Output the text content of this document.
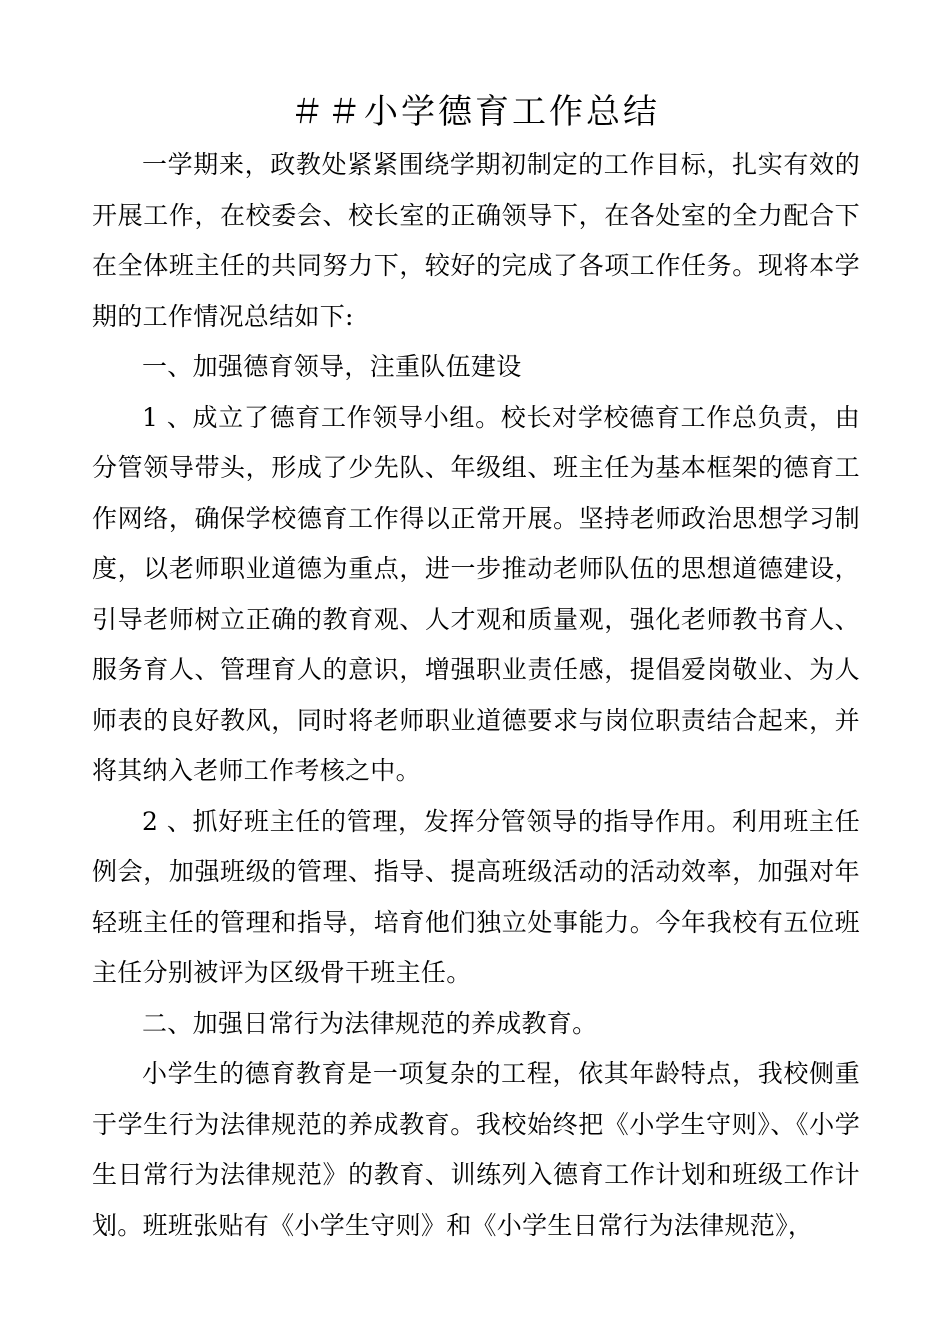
＃＃小学德育工作总结

一学期来，政教处紧紧围绕学期初制定的工作目标，扎实有效的开展工作，在校委会、校长室的正确领导下，在各处室的全力配合下在全体班主任的共同努力下，较好的完成了各项工作任务。现将本学期的工作情况总结如下:

一、加强德育领导，注重队伍建设

1 、成立了德育工作领导小组。校长对学校德育工作总负责，由分管领导带头，形成了少先队、年级组、班主任为基本框架的德育工作网络，确保学校德育工作得以正常开展。坚持老师政治思想学习制度，以老师职业道德为重点，进一步推动老师队伍的思想道德建设，引导老师树立正确的教育观、人才观和质量观，强化老师教书育人、服务育人、管理育人的意识，增强职业责任感，提倡爱岗敬业、为人师表的良好教风，同时将老师职业道德要求与岗位职责结合起来，并将其纳入老师工作考核之中。

2 、抓好班主任的管理，发挥分管领导的指导作用。利用班主任例会，加强班级的管理、指导、提高班级活动的活动效率，加强对年轻班主任的管理和指导，培育他们独立处事能力。今年我校有五位班主任分别被评为区级骨干班主任。

二、加强日常行为法律规范的养成教育。

小学生的德育教育是一项复杂的工程，依其年龄特点，我校侧重于学生行为法律规范的养成教育。我校始终把《小学生守则》、《小学生日常行为法律规范》的教育、训练列入德育工作计划和班级工作计划。班班张贴有《小学生守则》和《小学生日常行为法律规范》，
